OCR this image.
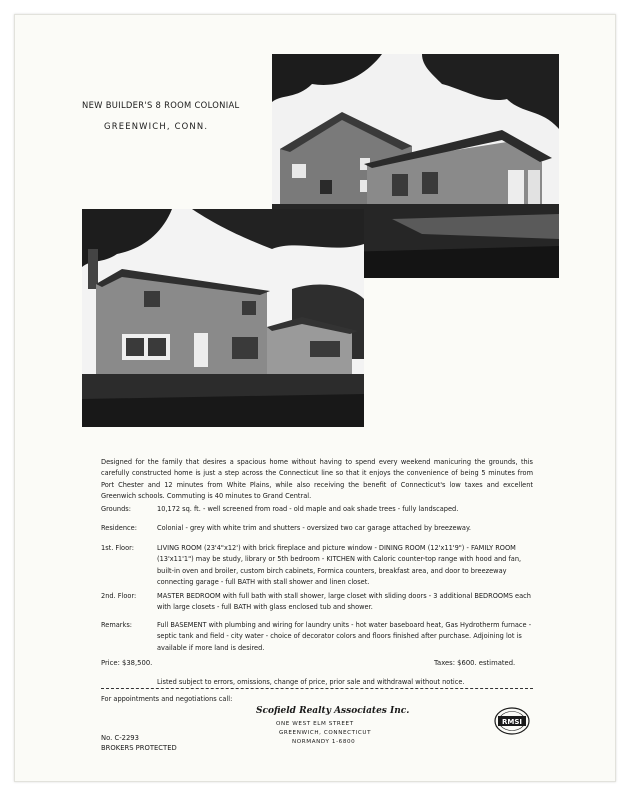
NEW BUILDER'S 8 ROOM COLONIAL
GREENWICH, CONN.
Designed for the family that desires a spacious home without having to spend every weekend manicuring the grounds, this carefully constructed home is just a step across the Connecticut line so that it enjoys the convenience of being 5 minutes from Port Chester and 12 minutes from White Plains, while also receiving the benefit of Connecticut's low taxes and excellent Greenwich schools. Commuting is 40 minutes to Grand Central.
Grounds:	10,172 sq. ft. - well screened from road - old maple and oak shade trees - fully landscaped.
Residence:	Colonial - grey with white trim and shutters - oversized two car garage attached by breezeway.
1st. Floor:	LIVING ROOM (23'4"x12') with brick fireplace and picture window - DINING ROOM (12'x11'9") - FAMILY ROOM (13'x11'1") may be study, library or 5th bedroom - KITCHEN with Caloric counter-top range with hood and fan, built-in oven and broiler, custom birch cabinets, Formica counters, breakfast area, and door to breezeway connecting garage - full BATH with stall shower and linen closet.
2nd. Floor:	MASTER BEDROOM with full bath with stall shower, large closet with sliding doors - 3 additional BEDROOMS each with large closets - full BATH with glass enclosed tub and shower.
Remarks:	Full BASEMENT with plumbing and wiring for laundry units - hot water baseboard heat, Gas Hydrotherm furnace - septic tank and field - city water - choice of decorator colors and floors finished after purchase. Adjoining lot is available if more land is desired.
Price: $38,500.	Taxes: $600. estimated.
Listed subject to errors, omissions, change of price, prior sale and withdrawal without notice.
For appointments and negotiations call:
Scofield Realty Associates Inc.
ONE WEST ELM STREET
GREENWICH, CONNECTICUT
NORMANDY 1-6800
No. C-2293
BROKERS PROTECTED
RMSI
